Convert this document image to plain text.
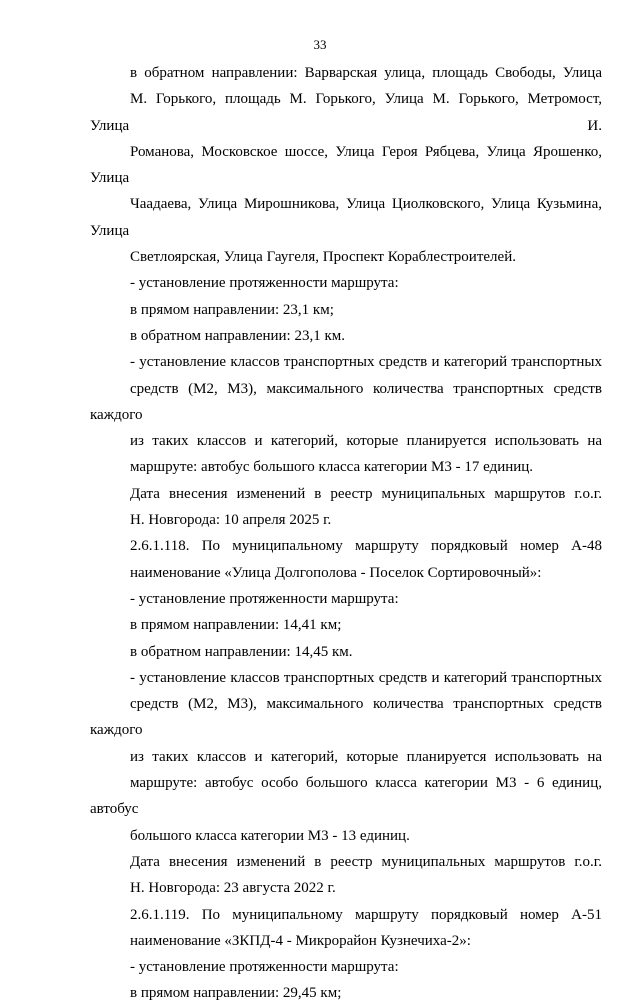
33

в обратном направлении: Варварская улица, площадь Свободы, Улица
М. Горького, площадь М. Горького, Улица М. Горького, Метромост, Улица И.
Романова, Московское шоссе, Улица Героя Рябцева, Улица Ярошенко, Улица
Чаадаева, Улица Мирошникова, Улица Циолковского, Улица Кузьмина, Улица
Светлоярская, Улица Гаугеля, Проспект Кораблестроителей.

- установление протяженности маршрута:

в прямом направлении: 23,1 км;

в обратном направлении: 23,1 км.

- установление классов транспортных средств и категорий транспортных
средств (М2, М3), максимального количества транспортных средств каждого
из таких классов и категорий, которые планируется использовать на
маршруте: автобус большого класса категории М3 - 17 единиц.

Дата внесения изменений в реестр муниципальных маршрутов г.о.г.
Н. Новгорода: 10 апреля 2025 г.

2.6.1.118. По муниципальному маршруту порядковый номер А-48
наименование «Улица Долгополова - Поселок Сортировочный»:

- установление протяженности маршрута:

в прямом направлении: 14,41 км;

в обратном направлении: 14,45 км.

- установление классов транспортных средств и категорий транспортных
средств (М2, М3), максимального количества транспортных средств каждого
из таких классов и категорий, которые планируется использовать на
маршруте: автобус особо большого класса категории М3 - 6 единиц, автобус
большого класса категории М3 - 13 единиц.

Дата внесения изменений в реестр муниципальных маршрутов г.о.г.
Н. Новгорода: 23 августа 2022 г.

2.6.1.119. По муниципальному маршруту порядковый номер А-51
наименование «ЗКПД-4 - Микрорайон Кузнечиха-2»:

- установление протяженности маршрута:

в прямом направлении: 29,45 км;
